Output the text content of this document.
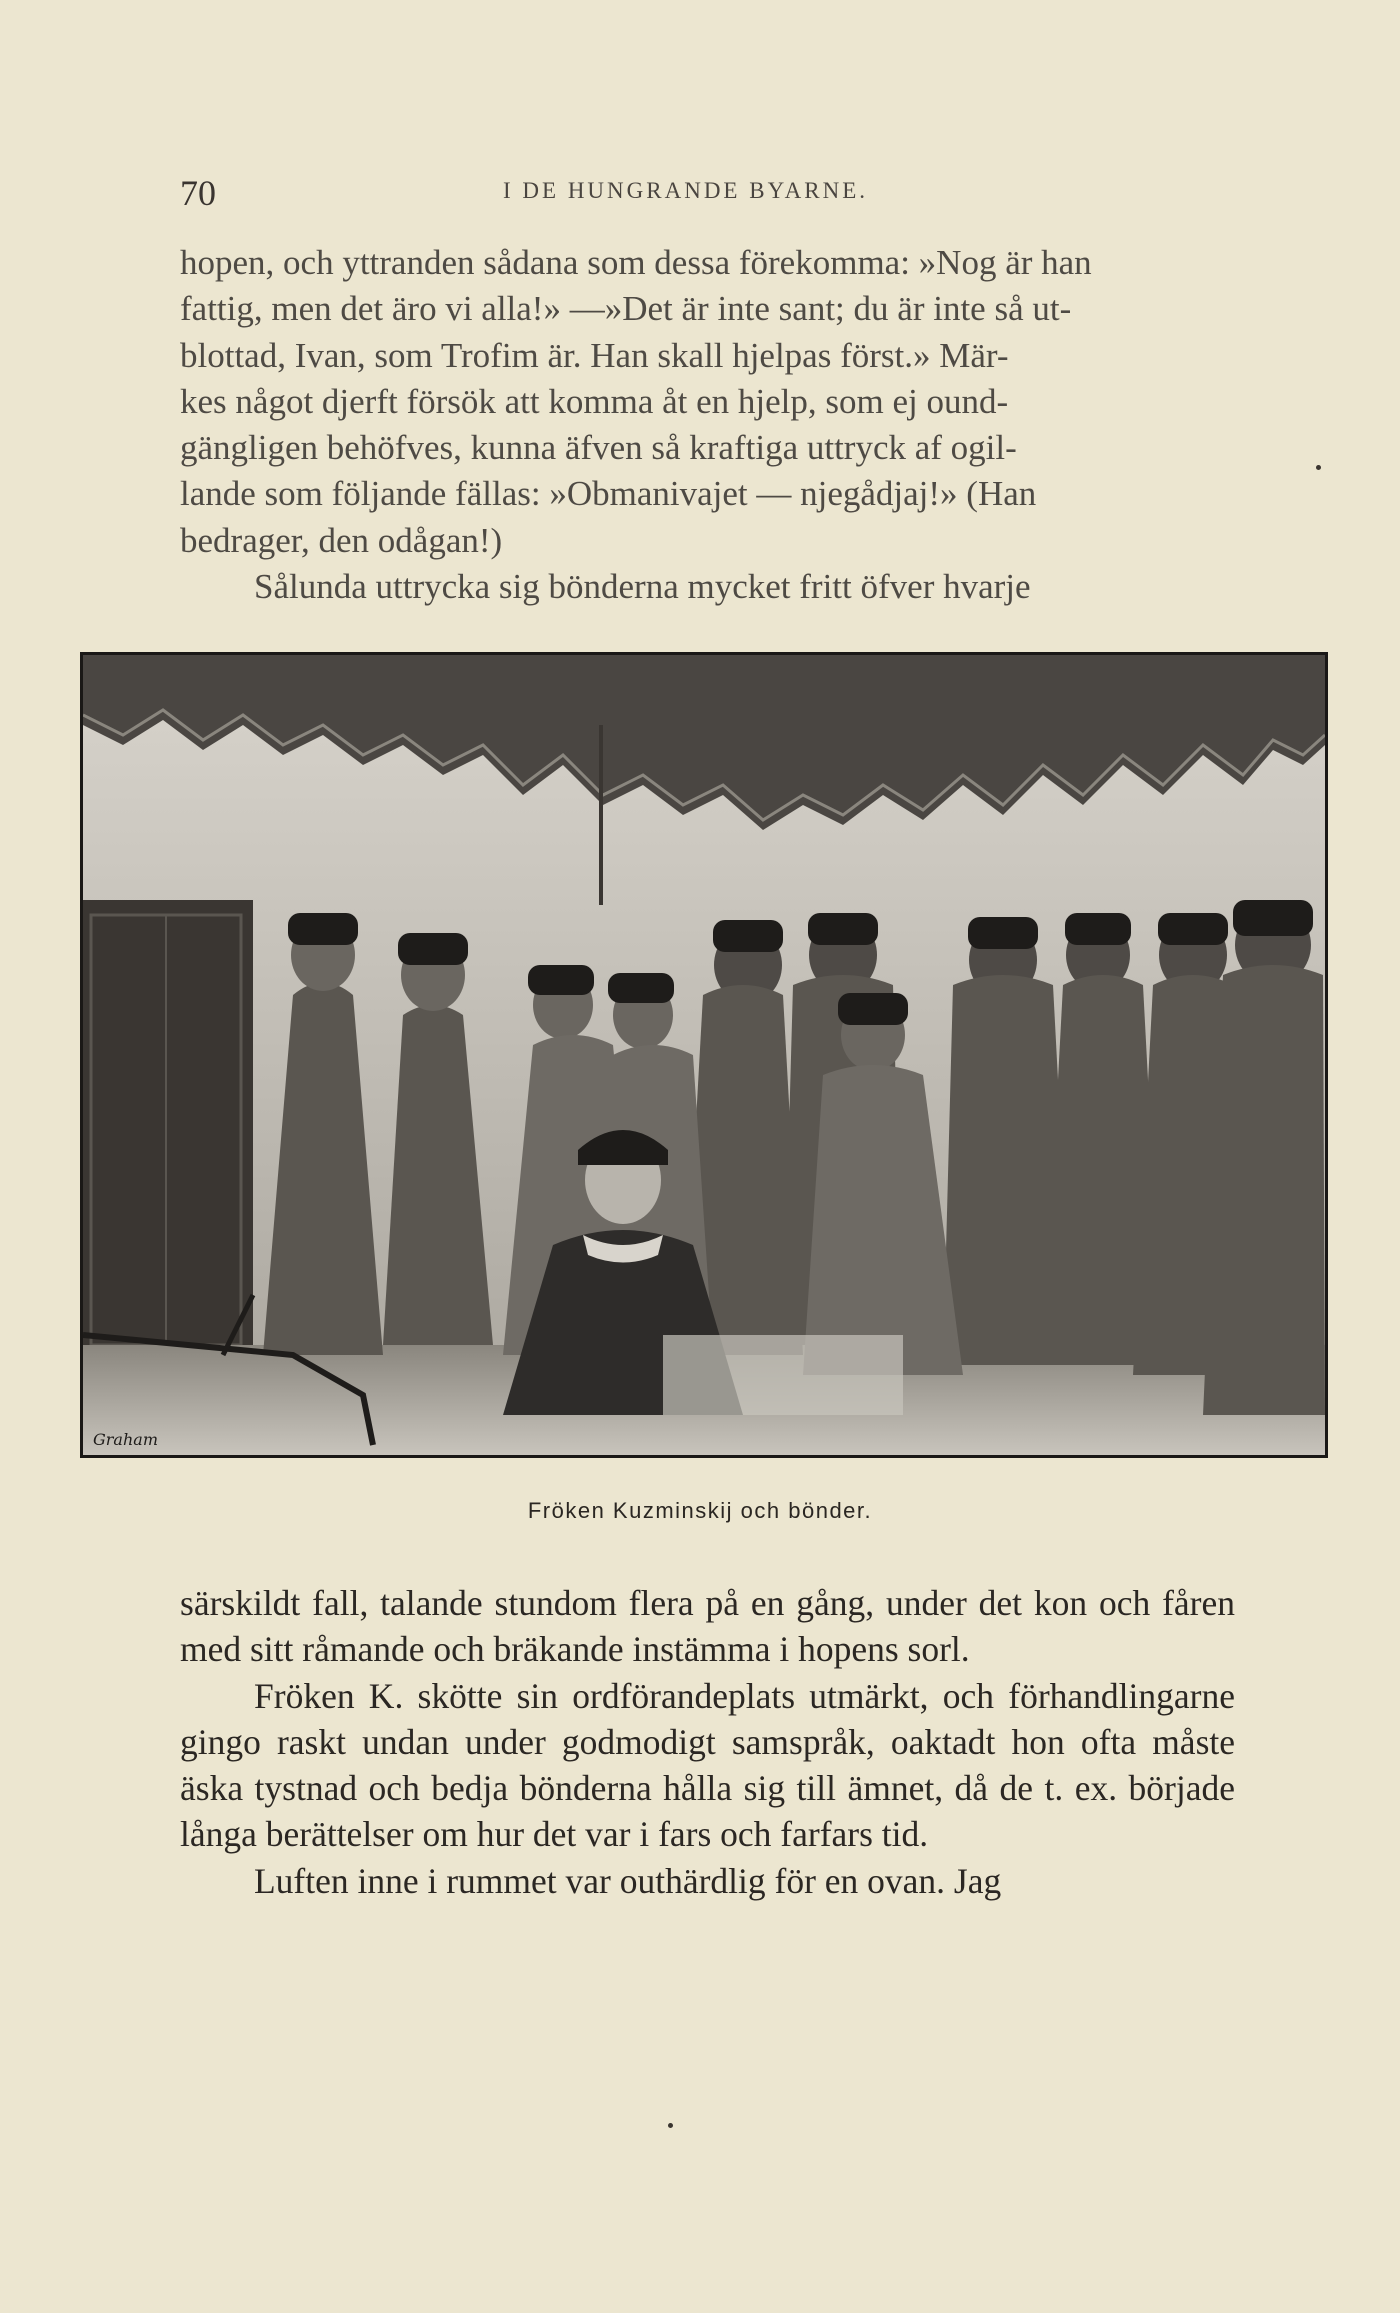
70	I DE HUNGRANDE BYARNE.

hopen, och yttranden sådana som dessa förekomma: »Nog är han

fattig, men det äro vi alla!» —»Det är inte sant; du är inte så ut-

blottad, Ivan, som Trofim är. Han skall hjelpas först.» Mär-

kes något djerft försök att komma åt en hjelp, som ej ound-

gängligen behöfves, kunna äfven så kraftiga uttryck af ogil-

lande som följande fällas: »Obmanivajet — njegådjaj!» (Han

bedrager, den odågan!)

Sålunda uttrycka sig bönderna mycket fritt öfver hvarje

Graham
Fröken Kuzminskij och bönder.

särskildt fall, talande stundom flera på en gång, under det kon och fåren med sitt råmande och bräkande instämma i hopens sorl.

Fröken K. skötte sin ordförandeplats utmärkt, och förhandlingarne gingo raskt undan under godmodigt samspråk, oaktadt hon ofta måste äska tystnad och bedja bönderna hålla sig till ämnet, då de t. ex. började långa berättelser om hur det var i fars och farfars tid.

Luften inne i rummet var outhärdlig för en ovan. Jag
